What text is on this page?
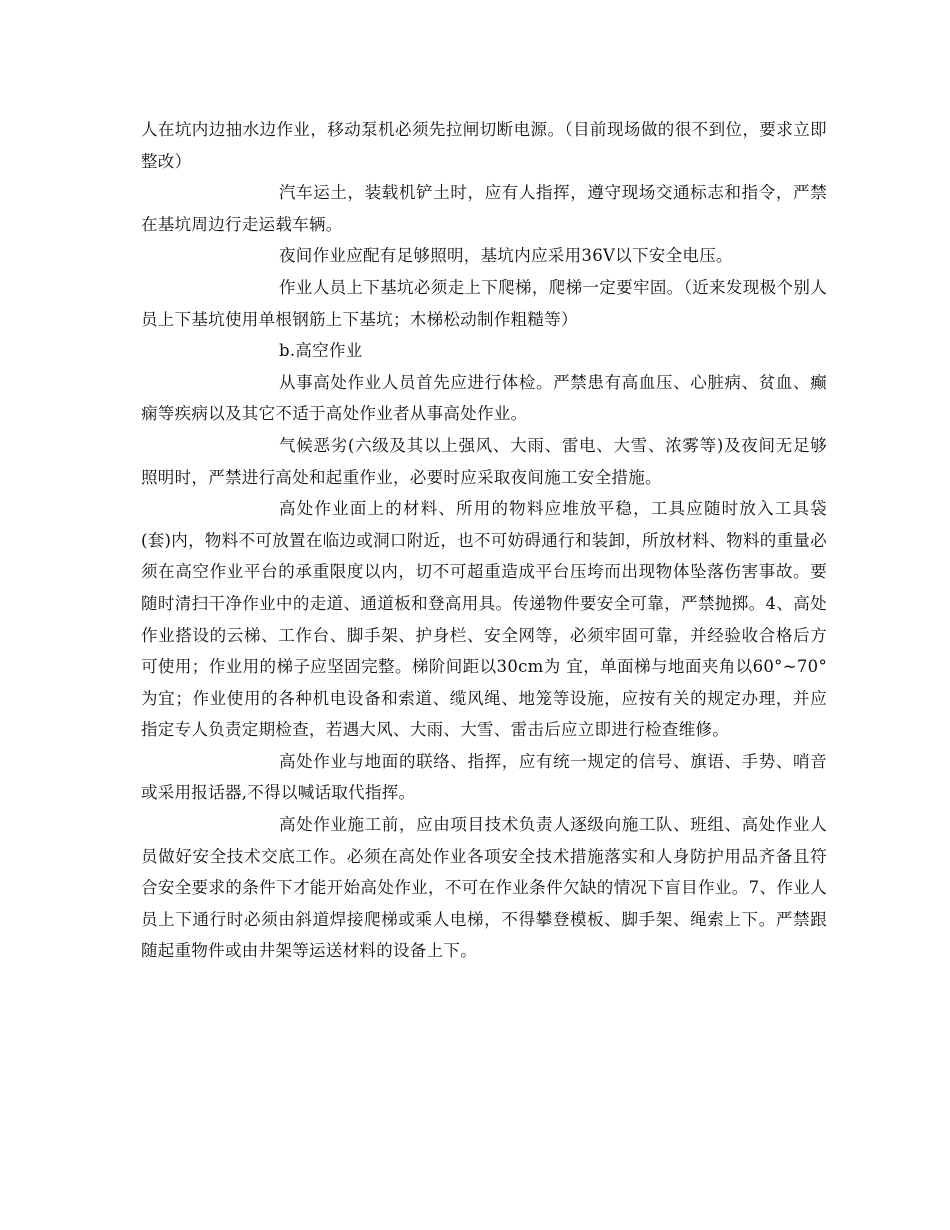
人在坑内边抽水边作业，移动泵机必须先拉闸切断电源。（目前现场做的很不到位，要求立即整改）

汽车运土，装载机铲土时，应有人指挥，遵守现场交通标志和指令，严禁在基坑周边行走运载车辆。

夜间作业应配有足够照明，基坑内应采用36V以下安全电压。

作业人员上下基坑必须走上下爬梯，爬梯一定要牢固。（近来发现极个别人员上下基坑使用单根钢筋上下基坑；木梯松动制作粗糙等）

b.高空作业

从事高处作业人员首先应进行体检。严禁患有高血压、心脏病、贫血、癫痫等疾病以及其它不适于高处作业者从事高处作业。

气候恶劣(六级及其以上强风、大雨、雷电、大雪、浓雾等)及夜间无足够照明时，严禁进行高处和起重作业，必要时应采取夜间施工安全措施。

高处作业面上的材料、所用的物料应堆放平稳，工具应随时放入工具袋(套)内，物料不可放置在临边或洞口附近，也不可妨碍通行和装卸，所放材料、物料的重量必须在高空作业平台的承重限度以内，切不可超重造成平台压垮而出现物体坠落伤害事故。要随时清扫干净作业中的走道、通道板和登高用具。传递物件要安全可靠，严禁抛掷。4、高处作业搭设的云梯、工作台、脚手架、护身栏、安全网等，必须牢固可靠，并经验收合格后方可使用；作业用的梯子应坚固完整。梯阶间距以30cm为 宜，单面梯与地面夹角以60°~70°为宜；作业使用的各种机电设备和索道、缆风绳、地笼等设施，应按有关的规定办理，并应指定专人负责定期检查，若遇大风、大雨、大雪、雷击后应立即进行检查维修。

高处作业与地面的联络、指挥，应有统一规定的信号、旗语、手势、哨音或采用报话器,不得以喊话取代指挥。

高处作业施工前，应由项目技术负责人逐级向施工队、班组、高处作业人员做好安全技术交底工作。必须在高处作业各项安全技术措施落实和人身防护用品齐备且符合安全要求的条件下才能开始高处作业，不可在作业条件欠缺的情况下盲目作业。7、作业人员上下通行时必须由斜道焊接爬梯或乘人电梯，不得攀登模板、脚手架、绳索上下。严禁跟随起重物件或由井架等运送材料的设备上下。
